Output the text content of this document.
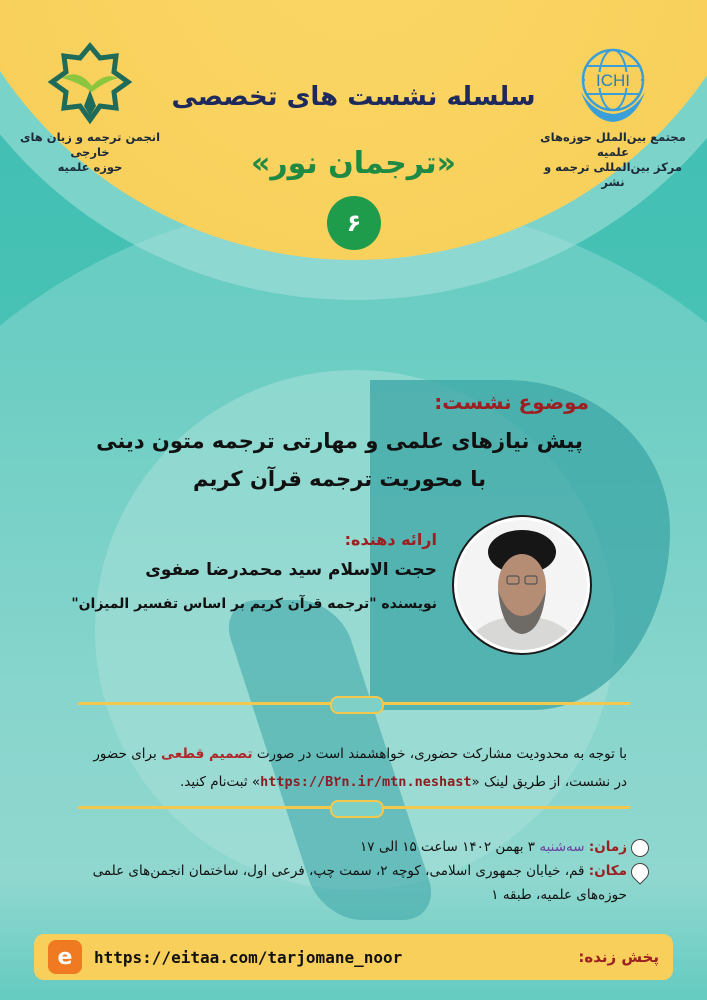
ICHI
مجتمع بین‌الملل حوزه‌های علمیه
مرکز بین‌المللی ترجمه و نشر
انجمن ترجمه و زبان های خارجی
حوزه علمیه
سلسله نشست های تخصصی
«ترجمان نور»
۶
موضوع نشست:
پیش نیازهای علمی و مهارتی ترجمه متون دینی
با محوریت ترجمه قرآن کریم
ارائه دهنده:
حجت الاسلام سید محمدرضا صفوی
نویسنده "ترجمه قرآن کریم بر اساس تفسیر المیزان"
با توجه به محدودیت مشارکت حضوری، خواهشمند است در صورت تصمیم قطعی برای حضور در نشست، از طریق لینک «https://B۲n.ir/mtn.neshast» ثبت‌نام کنید.
زمان: سه‌شنبه ۳ بهمن ۱۴۰۲ ساعت ۱۵ الی ۱۷
مکان: قم، خیابان جمهوری اسلامی، کوچه ۲، سمت چپ، فرعی اول، ساختمان انجمن‌های علمی حوزه‌های علمیه، طبقه ۱
پخش زنده:
e	https://eitaa.com/tarjomane_noor
